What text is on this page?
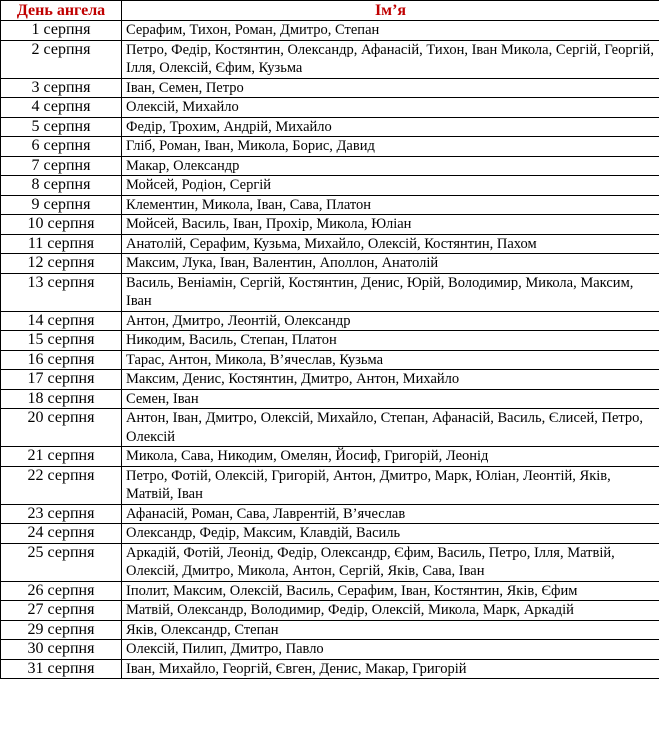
День ангела	Ім’я
1 серпня	Серафим, Тихон, Роман, Дмитро, Степан
2 серпня	Петро, Федір, Костянтин, Олександр, Афанасій, Тихон, Іван Микола, Сергій, Георгій, Ілля, Олексій, Єфим, Кузьма
3 серпня	Іван, Семен, Петро
4 серпня	Олексій, Михайло
5 серпня	Федір, Трохим, Андрій, Михайло
6 серпня	Гліб, Роман, Іван, Микола, Борис, Давид
7 серпня	Макар, Олександр
8 серпня	Мойсей, Родіон, Сергій
9 серпня	Клементин, Микола, Іван, Сава, Платон
10 серпня	Мойсей, Василь, Іван, Прохір, Микола, Юліан
11 серпня	Анатолій, Серафим, Кузьма, Михайло, Олексій, Костянтин, Пахом
12 серпня	Максим, Лука, Іван, Валентин, Аполлон, Анатолій
13 серпня	Василь, Веніамін, Сергій, Костянтин, Денис, Юрій, Володимир, Микола, Максим, Іван
14 серпня	Антон, Дмитро, Леонтій, Олександр
15 серпня	Никодим, Василь, Степан, Платон
16 серпня	Тарас, Антон, Микола, В’ячеслав, Кузьма
17 серпня	Максим, Денис, Костянтин, Дмитро, Антон, Михайло
18 серпня	Семен, Іван
20 серпня	Антон, Іван, Дмитро, Олексій, Михайло, Степан, Афанасій, Василь, Єлисей, Петро, Олексій
21 серпня	Микола, Сава, Никодим, Омелян, Йосиф, Григорій, Леонід
22 серпня	Петро, Фотій, Олексій, Григорій, Антон, Дмитро, Марк, Юліан, Леонтій, Яків, Матвій, Іван
23 серпня	Афанасій, Роман, Сава, Лаврентій, В’ячеслав
24 серпня	Олександр, Федір, Максим, Клавдій, Василь
25 серпня	Аркадій, Фотій, Леонід, Федір, Олександр, Єфим, Василь, Петро, Ілля, Матвій, Олексій, Дмитро, Микола, Антон, Сергій, Яків, Сава, Іван
26 серпня	Іполит, Максим, Олексій, Василь, Серафим, Іван, Костянтин, Яків, Єфим
27 серпня	Матвій, Олександр, Володимир, Федір, Олексій, Микола, Марк, Аркадій
29 серпня	Яків, Олександр, Степан
30 серпня	Олексій, Пилип, Дмитро, Павло
31 серпня	Іван, Михайло, Георгій, Євген, Денис, Макар, Григорій
